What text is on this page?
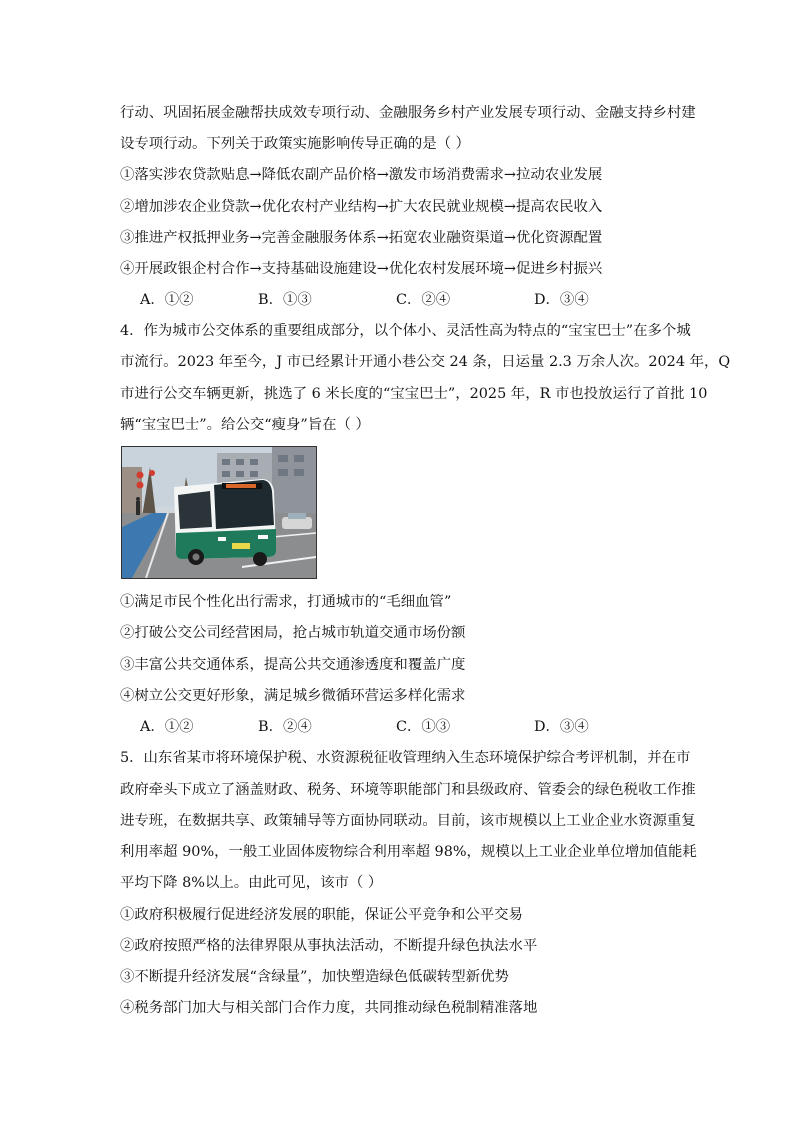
行动、巩固拓展金融帮扶成效专项行动、金融服务乡村产业发展专项行动、金融支持乡村建
设专项行动。下列关于政策实施影响传导正确的是（ ）
①落实涉农贷款贴息→降低农副产品价格→激发市场消费需求→拉动农业发展
②增加涉农企业贷款→优化农村产业结构→扩大农民就业规模→提高农民收入
③推进产权抵押业务→完善金融服务体系→拓宽农业融资渠道→优化资源配置
④开展政银企村合作→支持基础设施建设→优化农村发展环境→促进乡村振兴
A．①②	B．①③	C．②④	D．③④
4．作为城市公交体系的重要组成部分，以个体小、灵活性高为特点的“宝宝巴士”在多个城
市流行。2023 年至今，J 市已经累计开通小巷公交 24 条，日运量 2.3 万余人次。2024 年，Q
市进行公交车辆更新，挑选了 6 米长度的“宝宝巴士”，2025 年，R 市也投放运行了首批 10
辆“宝宝巴士”。给公交“瘦身”旨在（ ）
①满足市民个性化出行需求，打通城市的“毛细血管”
②打破公交公司经营困局，抢占城市轨道交通市场份额
③丰富公共交通体系，提高公共交通渗透度和覆盖广度
④树立公交更好形象，满足城乡微循环营运多样化需求
A．①②	B．②④	C．①③	D．③④
5．山东省某市将环境保护税、水资源税征收管理纳入生态环境保护综合考评机制，并在市
政府牵头下成立了涵盖财政、税务、环境等职能部门和县级政府、管委会的绿色税收工作推
进专班，在数据共享、政策辅导等方面协同联动。目前，该市规模以上工业企业水资源重复
利用率超 90%，一般工业固体废物综合利用率超 98%，规模以上工业企业单位增加值能耗
平均下降 8%以上。由此可见，该市（ ）
①政府积极履行促进经济发展的职能，保证公平竞争和公平交易
②政府按照严格的法律界限从事执法活动，不断提升绿色执法水平
③不断提升经济发展“含绿量”，加快塑造绿色低碳转型新优势
④税务部门加大与相关部门合作力度，共同推动绿色税制精准落地
